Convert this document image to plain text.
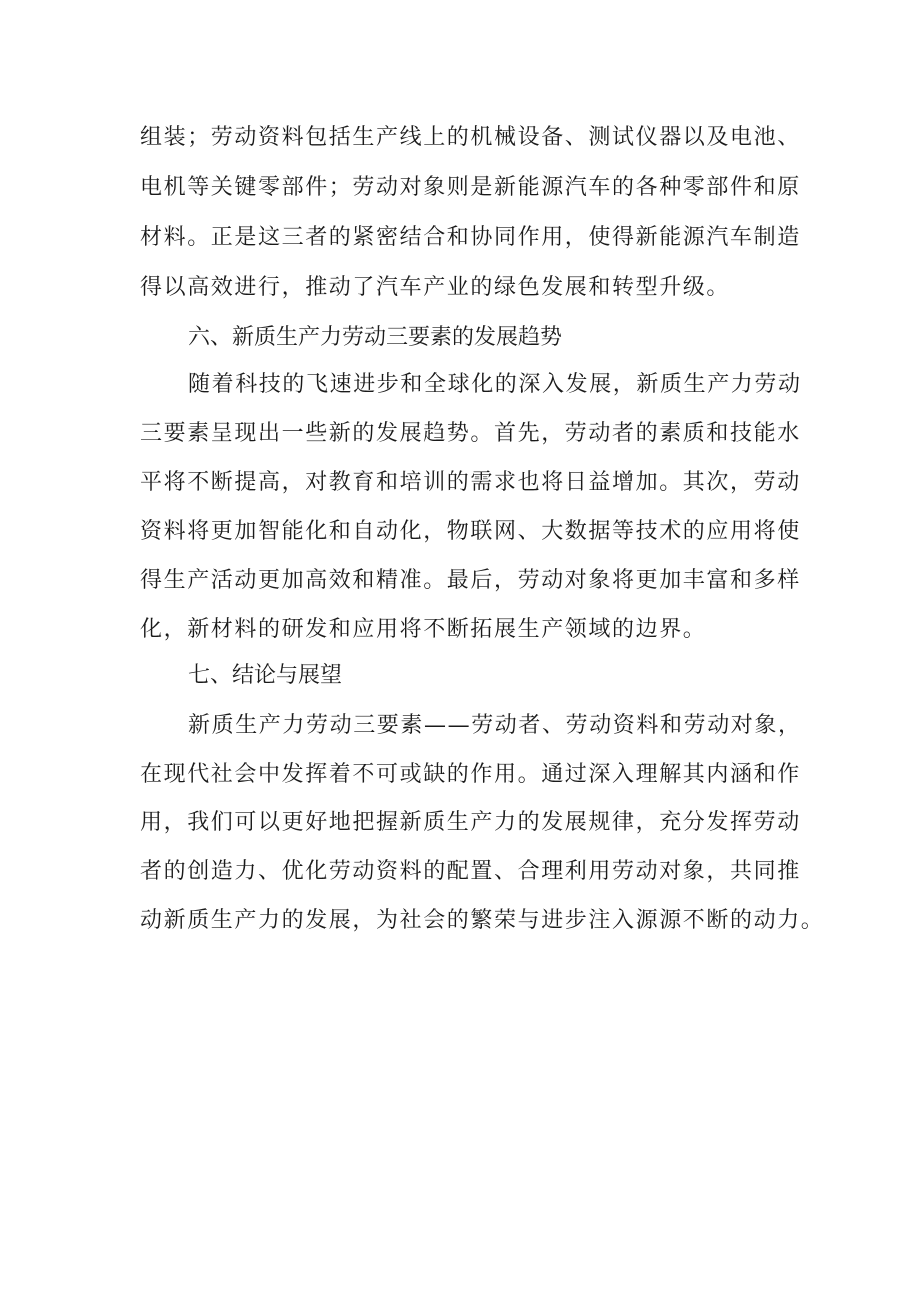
组装；劳动资料包括生产线上的机械设备、测试仪器以及电池、
电机等关键零部件；劳动对象则是新能源汽车的各种零部件和原
材料。正是这三者的紧密结合和协同作用，使得新能源汽车制造
得以高效进行，推动了汽车产业的绿色发展和转型升级。
六、新质生产力劳动三要素的发展趋势
随着科技的飞速进步和全球化的深入发展，新质生产力劳动
三要素呈现出一些新的发展趋势。首先，劳动者的素质和技能水
平将不断提高，对教育和培训的需求也将日益增加。其次，劳动
资料将更加智能化和自动化，物联网、大数据等技术的应用将使
得生产活动更加高效和精准。最后，劳动对象将更加丰富和多样
化，新材料的研发和应用将不断拓展生产领域的边界。
七、结论与展望
新质生产力劳动三要素——劳动者、劳动资料和劳动对象，
在现代社会中发挥着不可或缺的作用。通过深入理解其内涵和作
用，我们可以更好地把握新质生产力的发展规律，充分发挥劳动
者的创造力、优化劳动资料的配置、合理利用劳动对象，共同推
动新质生产力的发展，为社会的繁荣与进步注入源源不断的动力。
